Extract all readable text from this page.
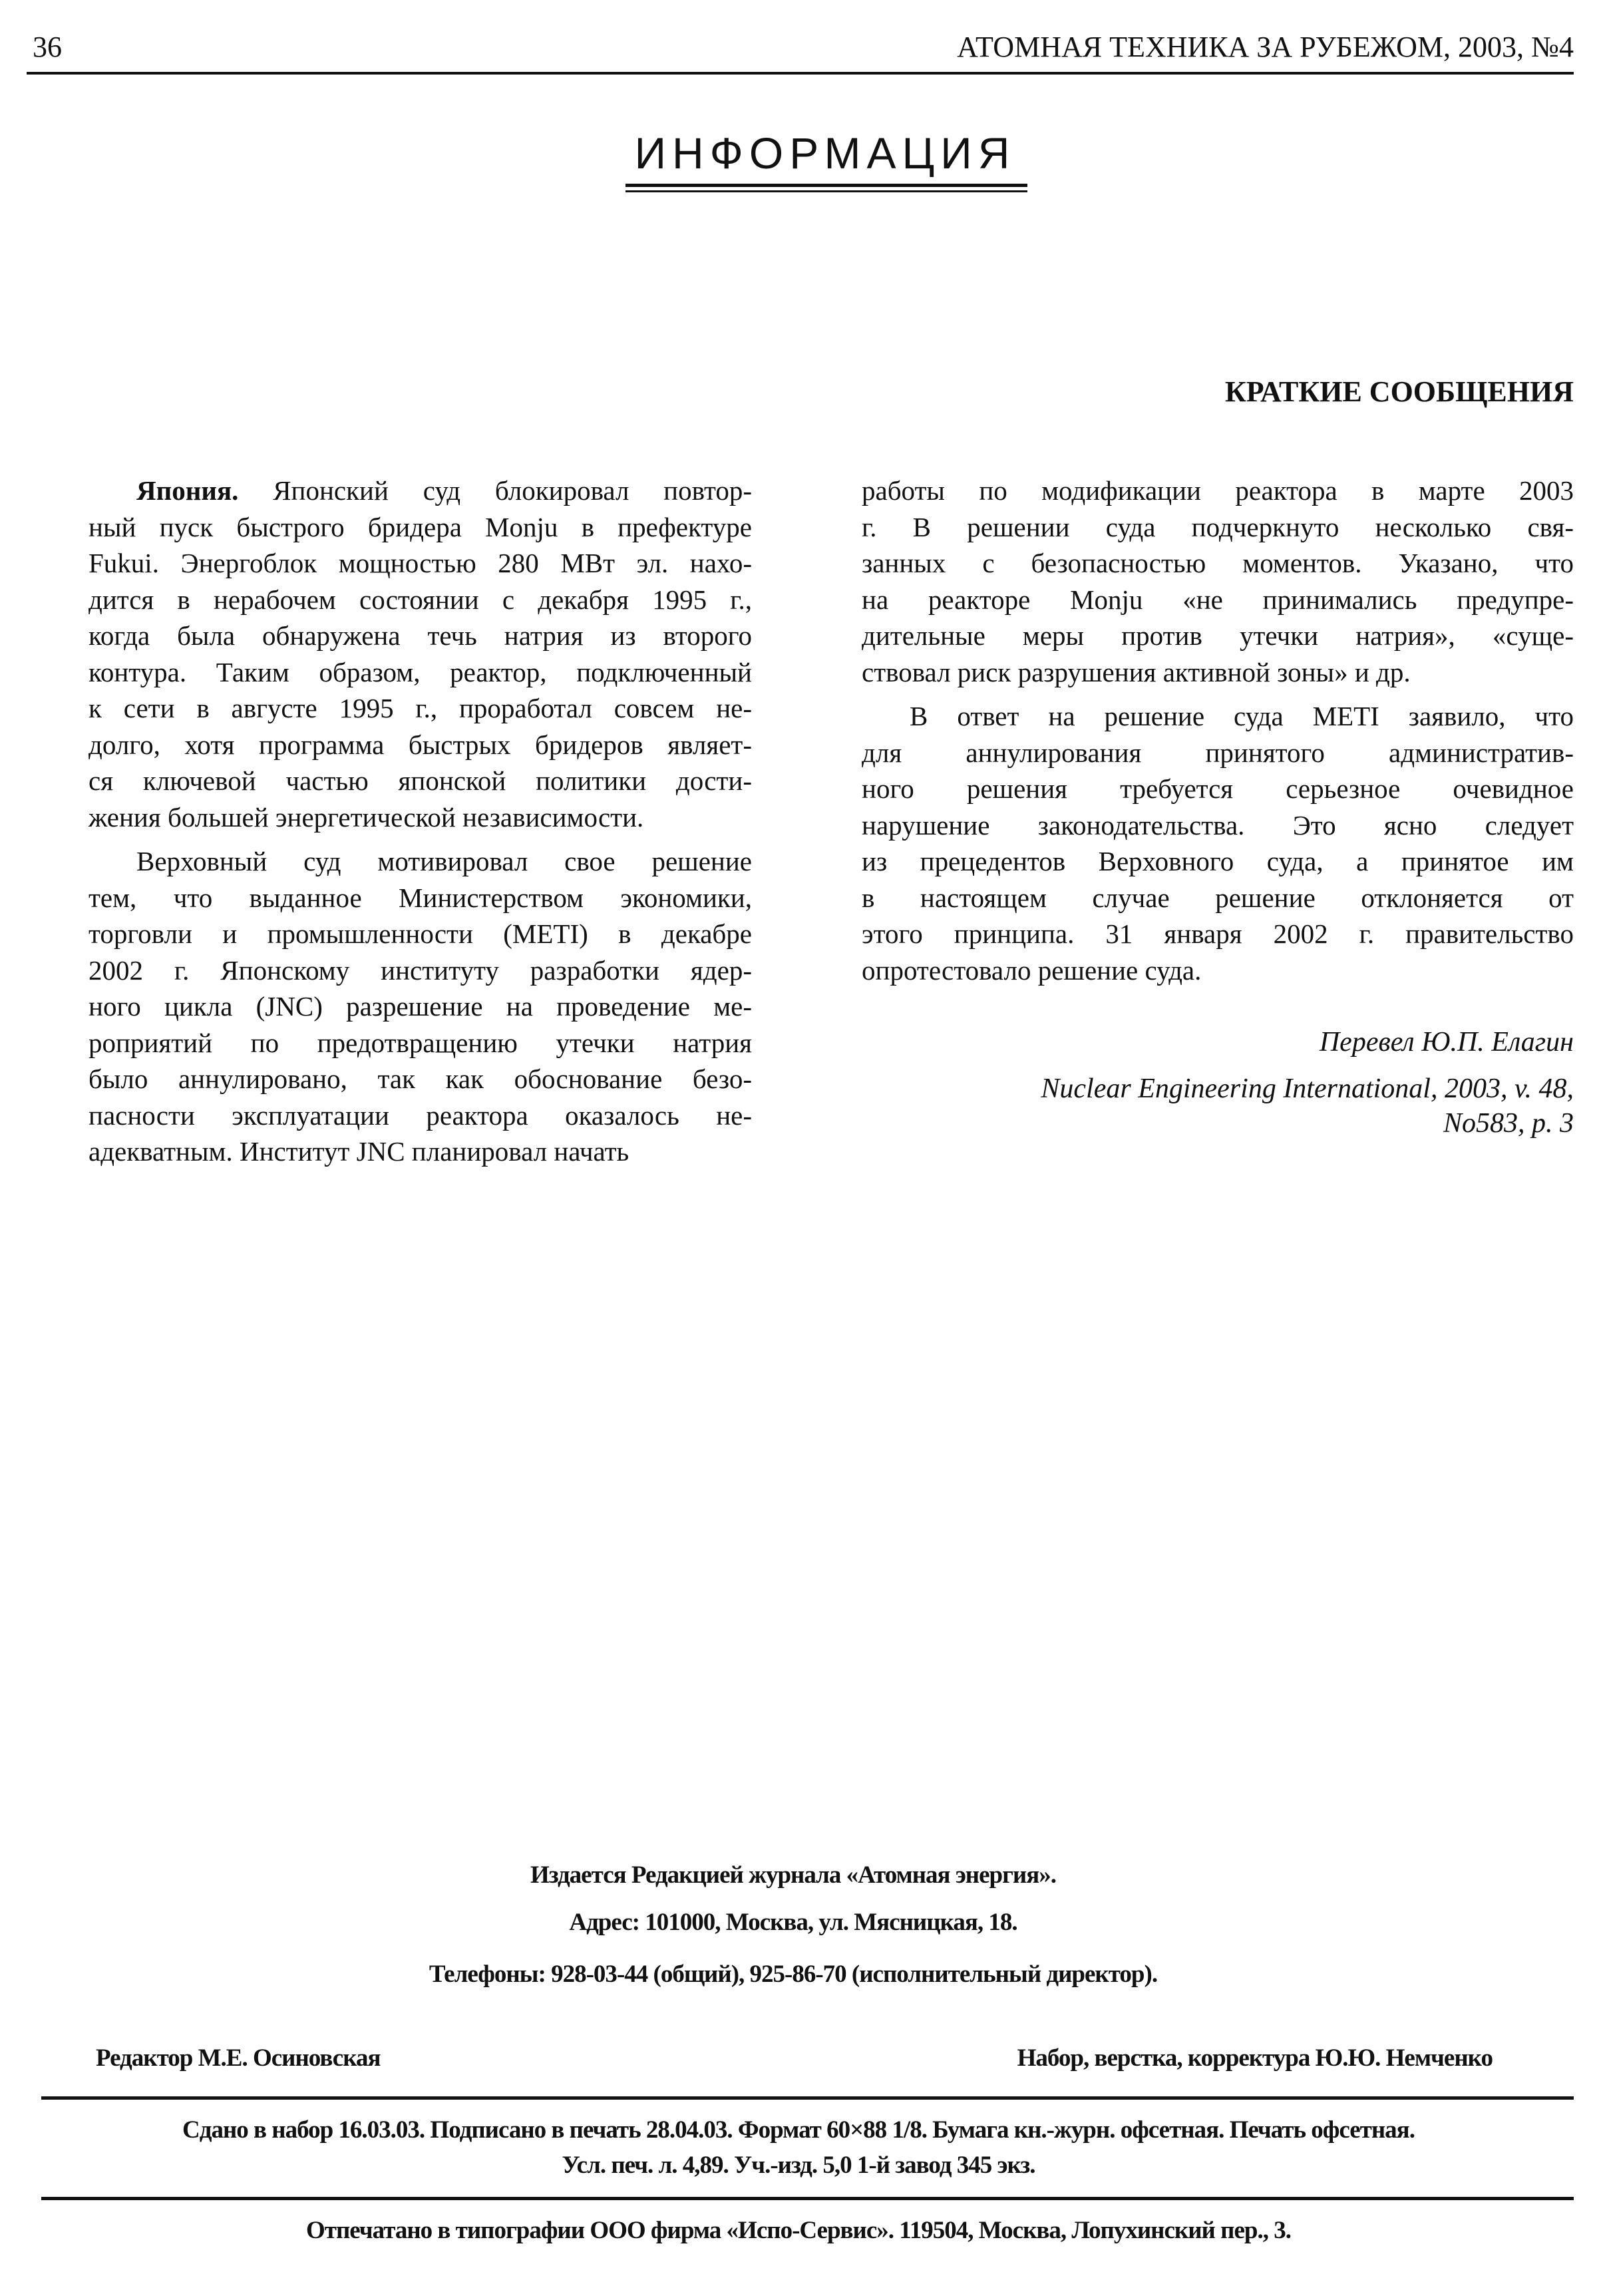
36	АТОМНАЯ ТЕХНИКА ЗА РУБЕЖОМ, 2003, №4
ИНФОРМАЦИЯ
КРАТКИЕ СООБЩЕНИЯ
Япония. Японский суд блокировал повтор-
ный пуск быстрого бридера Monju в префектуре
Fukui. Энергоблок мощностью 280 МВт эл. нахо-
дится в нерабочем состоянии с декабря 1995 г.,
когда была обнаружена течь натрия из второго
контура. Таким образом, реактор, подключенный
к сети в августе 1995 г., проработал совсем не-
долго, хотя программа быстрых бридеров являет-
ся ключевой частью японской политики дости-
жения большей энергетической независимости.
Верховный суд мотивировал свое решение
тем, что выданное Министерством экономики,
торговли и промышленности (METI) в декабре
2002 г. Японскому институту разработки ядер-
ного цикла (JNC) разрешение на проведение ме-
роприятий по предотвращению утечки натрия
было аннулировано, так как обоснование безо-
пасности эксплуатации реактора оказалось не-
адекватным. Институт JNC планировал начать
работы по модификации реактора в марте 2003
г. В решении суда подчеркнуто несколько свя-
занных с безопасностью моментов. Указано, что
на реакторе Monju «не принимались предупре-
дительные меры против утечки натрия», «суще-
ствовал риск разрушения активной зоны» и др.
В ответ на решение суда METI заявило, что
для аннулирования принятого административ-
ного решения требуется серьезное очевидное
нарушение законодательства. Это ясно следует
из прецедентов Верховного суда, а принятое им
в настоящем случае решение отклоняется от
этого принципа. 31 января 2002 г. правительство
опротестовало решение суда.
Перевел Ю.П. Елагин
Nuclear Engineering International, 2003, v. 48,
No583, p. 3
Издается Редакцией журнала «Атомная энергия».
Адрес: 101000, Москва, ул. Мясницкая, 18.
Телефоны: 928-03-44 (общий), 925-86-70 (исполнительный директор).
Редактор М.Е. Осиновская	Набор, верстка, корректура Ю.Ю. Немченко
Сдано в набор 16.03.03. Подписано в печать 28.04.03. Формат 60×88 1/8. Бумага кн.-журн. офсетная. Печать офсетная.
Усл. печ. л. 4,89. Уч.-изд. 5,0 1-й завод 345 экз.
Отпечатано в типографии ООО фирма «Испо-Сервис». 119504, Москва, Лопухинский пер., 3.
